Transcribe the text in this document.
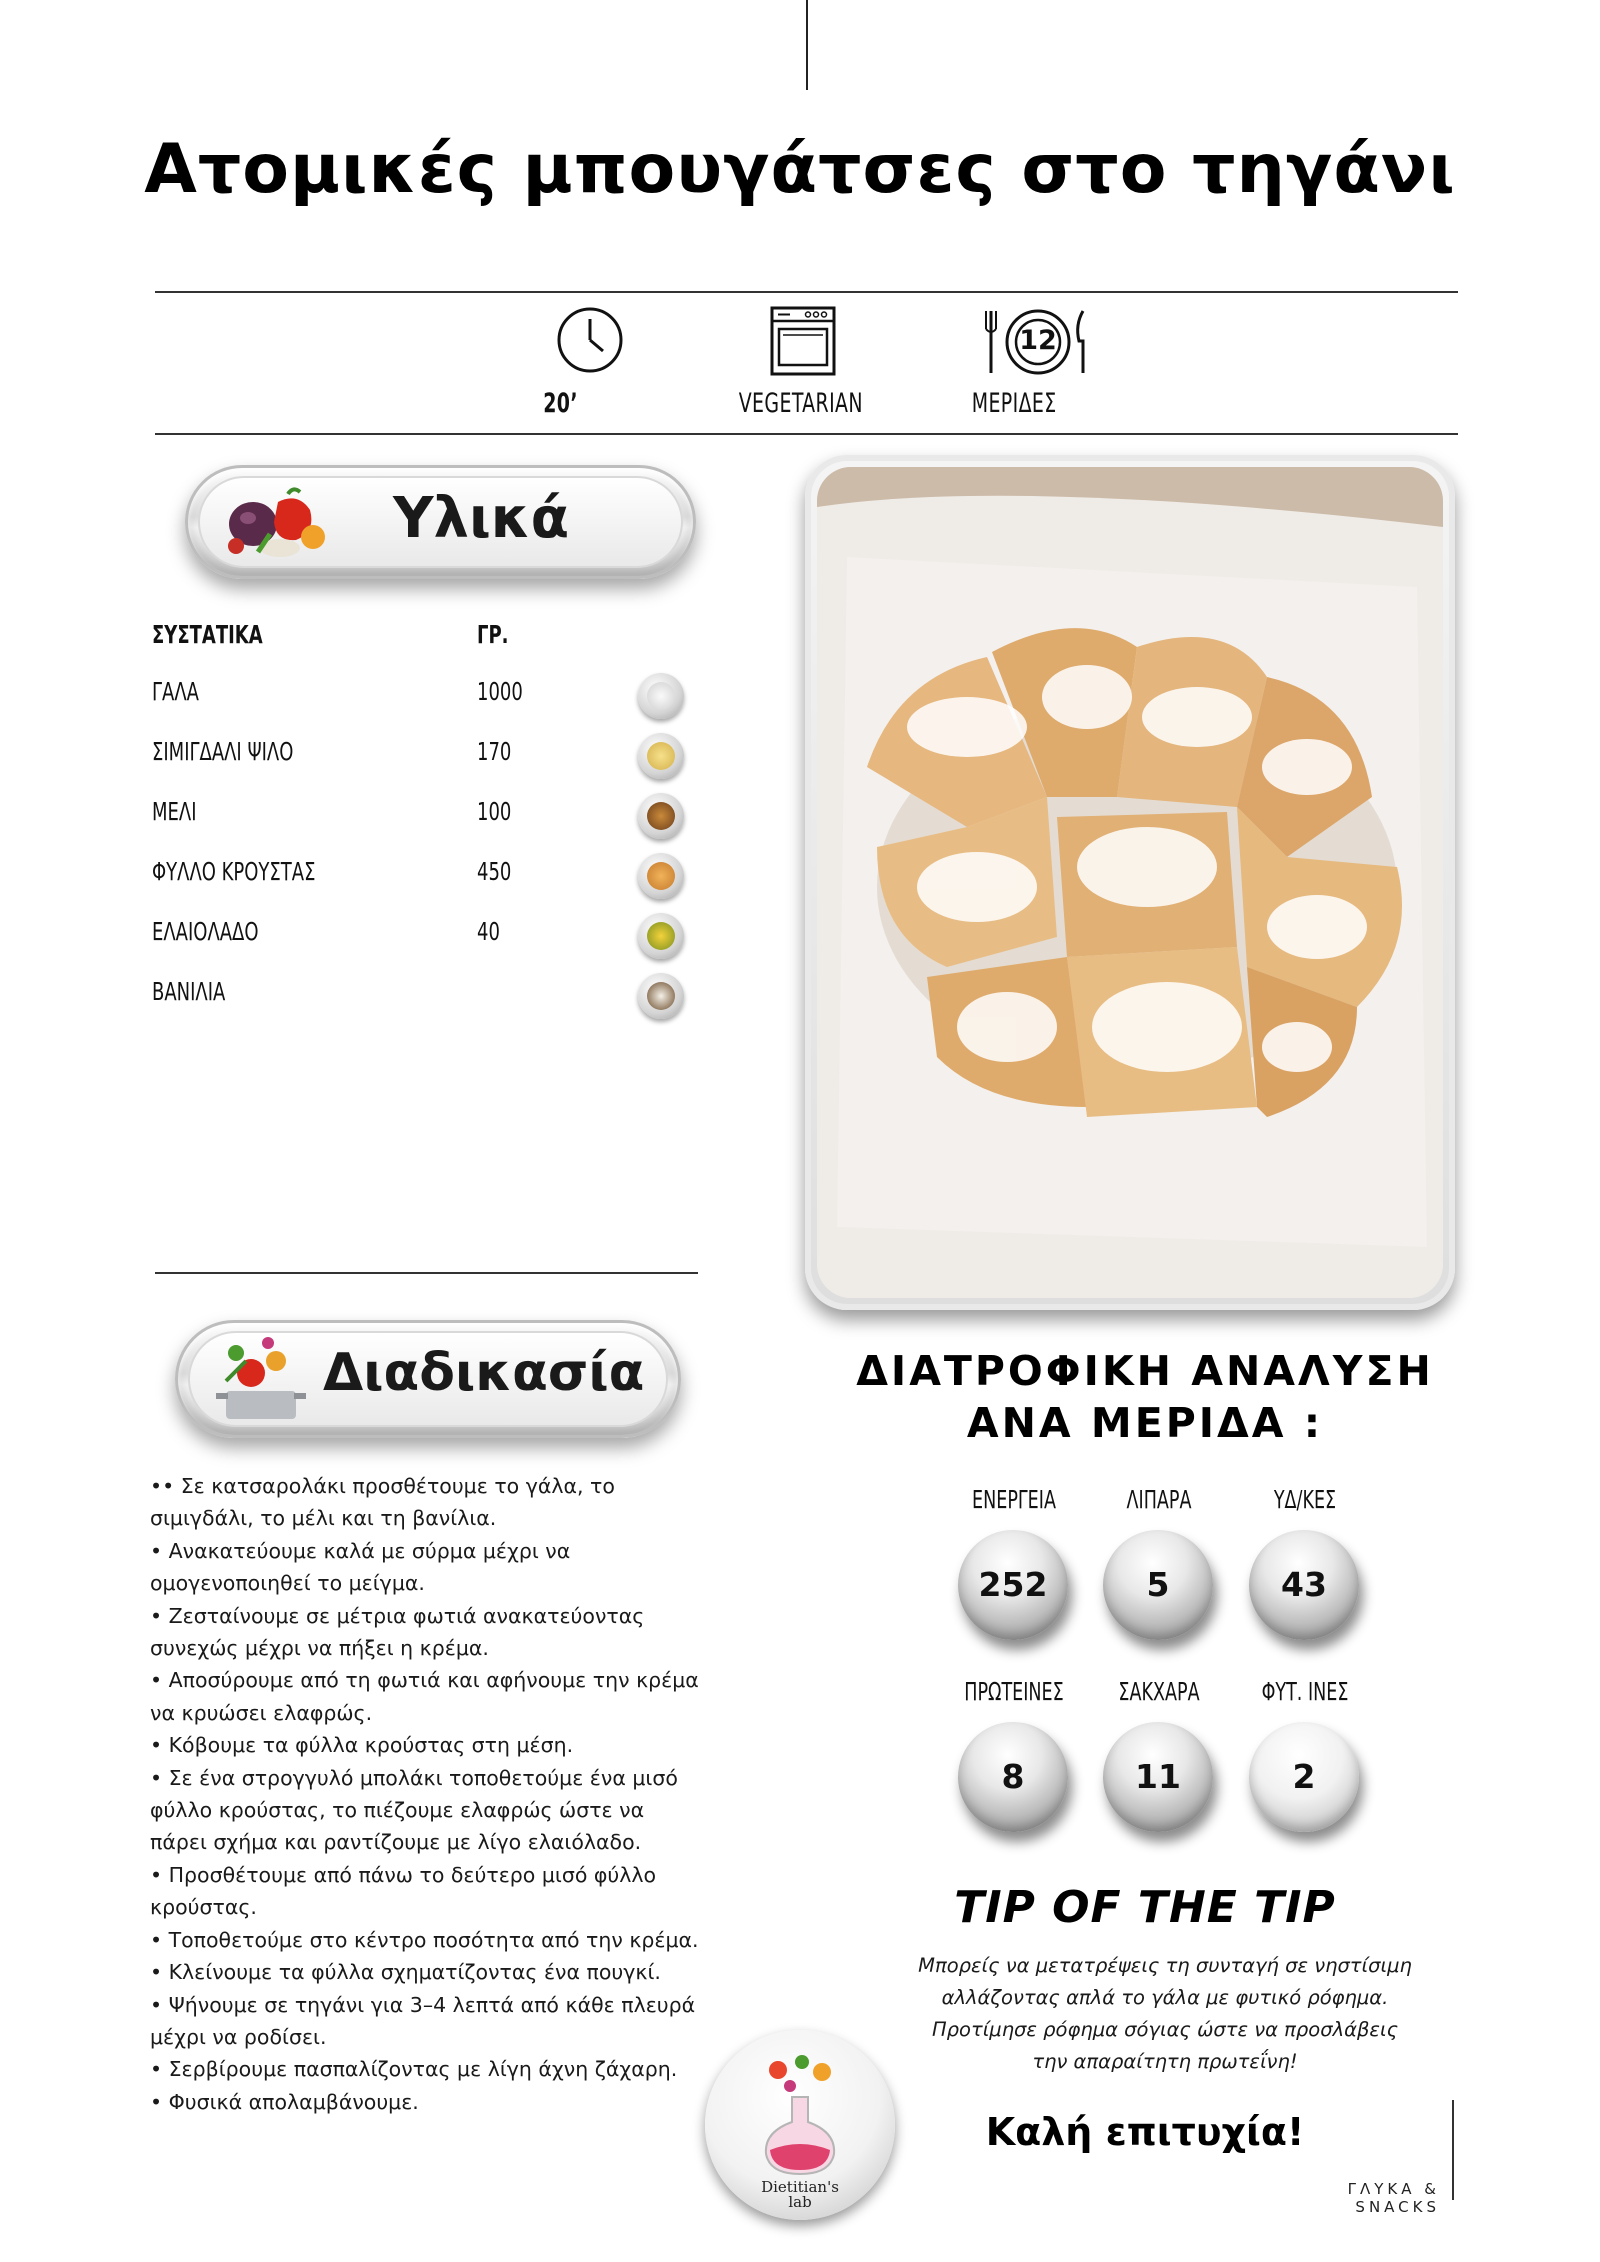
Ατομικές μπουγάτσες στο τηγάνι
20’	VEGETARIAN
12
ΜΕΡΙΔΕΣ
Υλικά
ΣΥΣΤΑΤΙΚΑ	ΓΡ.
ΓΑΛΑ	1000
ΣΙΜΙΓΔΑΛΙ ΨΙΛΟ	170
ΜΕΛΙ	100
ΦΥΛΛΟ ΚΡΟΥΣΤΑΣ	450
ΕΛΑΙΟΛΑΔΟ	40
ΒΑΝΙΛΙΑ
Διαδικασία

•• Σε κατσαρολάκι προσθέτουμε το γάλα, το

σιμιγδάλι, το μέλι και τη βανίλια.

• Ανακατεύουμε καλά με σύρμα μέχρι να

ομογενοποιηθεί το μείγμα.

• Ζεσταίνουμε σε μέτρια φωτιά ανακατεύοντας

συνεχώς μέχρι να πήξει η κρέμα.

• Αποσύρουμε από τη φωτιά και αφήνουμε την κρέμα

να κρυώσει ελαφρώς.

• Κόβουμε τα φύλλα κρούστας στη μέση.

• Σε ένα στρογγυλό μπολάκι τοποθετούμε ένα μισό

φύλλο κρούστας, το πιέζουμε ελαφρώς ώστε να

πάρει σχήμα και ραντίζουμε με λίγο ελαιόλαδο.

• Προσθέτουμε από πάνω το δεύτερο μισό φύλλο

κρούστας.

• Τοποθετούμε στο κέντρο ποσότητα από την κρέμα.

• Κλείνουμε τα φύλλα σχηματίζοντας ένα πουγκί.

• Ψήνουμε σε τηγάνι για 3–4 λεπτά από κάθε πλευρά

μέχρι να ροδίσει.

• Σερβίρουμε πασπαλίζοντας με λίγη άχνη ζάχαρη.

• Φυσικά απολαμβάνουμε.

ΔΙΑΤΡΟΦΙΚΗ ΑΝΑΛΥΣΗ
ΑΝΑ ΜΕΡΙΔΑ :
ΕΝΕΡΓΕΙΑ	ΛΙΠΑΡΑ	ΥΔ/ΚΕΣ
252	5	43
ΠΡΩΤΕΙΝΕΣ	ΣΑΚΧΑΡΑ	ΦΥΤ. ΙΝΕΣ
8	11	2
TIP OF THE TIP
Μπορείς να μετατρέψεις τη συνταγή σε νηστίσιμη
αλλάζοντας απλά το γάλα με φυτικό ρόφημα.
Προτίμησε ρόφημα σόγιας ώστε να προσλάβεις
την απαραίτητη πρωτεΐνη!
Καλή επιτυχία!
ΓΛΥΚΑ & SNACKS
Dietitian's
lab
